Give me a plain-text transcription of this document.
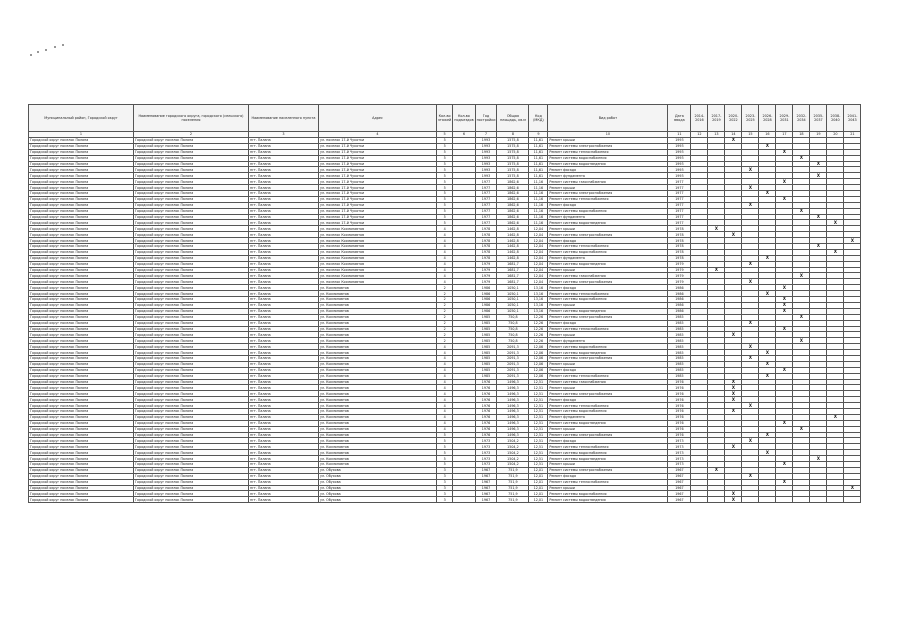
Муниципальный район, Городской округ	Наименование городского округа, городского (сельского) поселения	Наименование населенного пункта	Адрес	Кол-во этажей	Кол-во подъездов	Год постройки	Общая площадь, кв.м	Код (МКД)	Вид работ	Дата ввода	2014-2016	2017-2019	2020-2022	2023-2025	2026-2028	2029-2031	2032-2034	2035-2037	2038-2040	2041-2043
1	2	3	4	5	6	7	8	9	10	11	12	13	14	15	16	17	18	19	20	21
Городской округ поселок Палана	Городской округ поселок Палана	пгт. Палана	ул. поселок 17-й Чукотки	5		1993	1575,8	11,61	Ремонт крыши	1993			X							
Городской округ поселок Палана	Городской округ поселок Палана	пгт. Палана	ул. поселок 17-й Чукотки	5		1993	1575,8	11,61	Ремонт системы электроснабжения	1993					X					
Городской округ поселок Палана	Городской округ поселок Палана	пгт. Палана	ул. поселок 17-й Чукотки	5		1993	1575,8	11,61	Ремонт системы теплоснабжения	1993						X				
Городской округ поселок Палана	Городской округ поселок Палана	пгт. Палана	ул. поселок 17-й Чукотки	5		1993	1575,8	11,61	Ремонт системы водоснабжения	1993							X			
Городской округ поселок Палана	Городской округ поселок Палана	пгт. Палана	ул. поселок 17-й Чукотки	5		1993	1575,8	11,61	Ремонт системы водоотведения	1993								X		
Городской округ поселок Палана	Городской округ поселок Палана	пгт. Палана	ул. поселок 17-й Чукотки	5		1993	1575,8	11,61	Ремонт фасада	1993				X						
Городской округ поселок Палана	Городской округ поселок Палана	пгт. Палана	ул. поселок 17-й Чукотки	5		1993	1575,8	11,61	Ремонт фундамента	1993								X		
Городской округ поселок Палана	Городской округ поселок Палана	пгт. Палана	ул. поселок 17-й Чукотки	5		1977	1862,6	11,16	Ремонт системы газоснабжения	1977						X				
Городской округ поселок Палана	Городской округ поселок Палана	пгт. Палана	ул. поселок 17-й Чукотки	5		1977	1862,6	11,16	Ремонт крыши	1977				X						
Городской округ поселок Палана	Городской округ поселок Палана	пгт. Палана	ул. поселок 17-й Чукотки	5		1977	1862,6	11,16	Ремонт системы электроснабжения	1977					X					
Городской округ поселок Палана	Городской округ поселок Палана	пгт. Палана	ул. поселок 17-й Чукотки	5		1977	1862,6	11,16	Ремонт системы теплоснабжения	1977						X				
Городской округ поселок Палана	Городской округ поселок Палана	пгт. Палана	ул. поселок 17-й Чукотки	5		1977	1862,6	11,16	Ремонт фасада	1977				X						
Городской округ поселок Палана	Городской округ поселок Палана	пгт. Палана	ул. поселок 17-й Чукотки	5		1977	1862,6	11,16	Ремонт системы водоснабжения	1977							X			
Городской округ поселок Палана	Городской округ поселок Палана	пгт. Палана	ул. поселок 17-й Чукотки	5		1977	1862,6	11,16	Ремонт фундамента	1977								X		
Городской округ поселок Палана	Городской округ поселок Палана	пгт. Палана	ул. поселок 17-й Чукотки	5		1977	1862,6	11,16	Ремонт системы водоотведения	1977									X	
Городской округ поселок Палана	Городской округ поселок Палана	пгт. Палана	ул. поселок Космонавтов	4		1978	1462,8	12,04	Ремонт крыши	1978		X								
Городской округ поселок Палана	Городской округ поселок Палана	пгт. Палана	ул. поселок Космонавтов	4		1978	1462,8	12,04	Ремонт системы электроснабжения	1978			X							
Городской округ поселок Палана	Городской округ поселок Палана	пгт. Палана	ул. поселок Космонавтов	4		1978	1462,8	12,04	Ремонт фасада	1978										X
Городской округ поселок Палана	Городской округ поселок Палана	пгт. Палана	ул. поселок Космонавтов	4		1978	1462,8	12,04	Ремонт системы теплоснабжения	1978								X		
Городской округ поселок Палана	Городской округ поселок Палана	пгт. Палана	ул. поселок Космонавтов	4		1978	1462,8	12,04	Ремонт системы водоснабжения	1978									X	
Городской округ поселок Палана	Городской округ поселок Палана	пгт. Палана	ул. поселок Космонавтов	4		1978	1462,8	12,04	Ремонт фундамента	1978					X					
Городской округ поселок Палана	Городской округ поселок Палана	пгт. Палана	ул. поселок Космонавтов	4		1979	1681,7	12,04	Ремонт системы водоотведения	1979				X						
Городской округ поселок Палана	Городской округ поселок Палана	пгт. Палана	ул. поселок Космонавтов	4		1979	1681,7	12,04	Ремонт крыши	1979		X								
Городской округ поселок Палана	Городской округ поселок Палана	пгт. Палана	ул. поселок Космонавтов	4		1979	1681,7	12,04	Ремонт системы газоснабжения	1979							X			
Городской округ поселок Палана	Городской округ поселок Палана	пгт. Палана	ул. поселок Космонавтов	4		1979	1681,7	12,04	Ремонт системы электроснабжения	1979				X						
Городской округ поселок Палана	Городской округ поселок Палана	пгт. Палана	ул. Космонавтов	2		1986	1050,1	13,16	Ремонт фасада	1986						X				
Городской округ поселок Палана	Городской округ поселок Палана	пгт. Палана	ул. Космонавтов	2		1986	1050,1	13,16	Ремонт системы теплоснабжения	1986					X					
Городской округ поселок Палана	Городской округ поселок Палана	пгт. Палана	ул. Космонавтов	2		1986	1050,1	13,16	Ремонт системы водоснабжения	1986						X				
Городской округ поселок Палана	Городской округ поселок Палана	пгт. Палана	ул. Космонавтов	2		1986	1050,1	13,16	Ремонт крыши	1986						X				
Городской округ поселок Палана	Городской округ поселок Палана	пгт. Палана	ул. Космонавтов	2		1986	1050,1	13,16	Ремонт системы водоотведения	1986						X				
Городской округ поселок Палана	Городской округ поселок Палана	пгт. Палана	ул. Космонавтов	2		1985	750,8	12,26	Ремонт системы электроснабжения	1985							X			
Городской округ поселок Палана	Городской округ поселок Палана	пгт. Палана	ул. Космонавтов	2		1985	750,8	12,26	Ремонт фасада	1985				X						
Городской округ поселок Палана	Городской округ поселок Палана	пгт. Палана	ул. Космонавтов	2		1985	750,8	12,26	Ремонт системы теплоснабжения	1985						X				
Городской округ поселок Палана	Городской округ поселок Палана	пгт. Палана	ул. Космонавтов	2		1985	750,8	12,26	Ремонт крыши	1985			X							
Городской округ поселок Палана	Городской округ поселок Палана	пгт. Палана	ул. Космонавтов	2		1985	750,8	12,26	Ремонт фундамента	1985							X			
Городской округ поселок Палана	Городской округ поселок Палана	пгт. Палана	ул. Космонавтов	4		1985	2091,3	12,06	Ремонт системы водоснабжения	1985				X						
Городской округ поселок Палана	Городской округ поселок Палана	пгт. Палана	ул. Космонавтов	4		1985	2091,3	12,06	Ремонт системы водоотведения	1985					X					
Городской округ поселок Палана	Городской округ поселок Палана	пгт. Палана	ул. Космонавтов	4		1985	2091,3	12,06	Ремонт системы электроснабжения	1985				X						
Городской округ поселок Палана	Городской округ поселок Палана	пгт. Палана	ул. Космонавтов	4		1985	2091,3	12,06	Ремонт крыши	1985					X					
Городской округ поселок Палана	Городской округ поселок Палана	пгт. Палана	ул. Космонавтов	4		1985	2091,3	12,06	Ремонт фасада	1985						X				
Городской округ поселок Палана	Городской округ поселок Палана	пгт. Палана	ул. Космонавтов	4		1985	2091,3	12,06	Ремонт системы теплоснабжения	1985					X					
Городской округ поселок Палана	Городской округ поселок Палана	пгт. Палана	ул. Космонавтов	4		1976	1496,3	12,51	Ремонт системы газоснабжения	1976			X							
Городской округ поселок Палана	Городской округ поселок Палана	пгт. Палана	ул. Космонавтов	4		1976	1496,3	12,51	Ремонт крыши	1976			X							
Городской округ поселок Палана	Городской округ поселок Палана	пгт. Палана	ул. Космонавтов	4		1976	1496,3	12,51	Ремонт системы электроснабжения	1976			X							
Городской округ поселок Палана	Городской округ поселок Палана	пгт. Палана	ул. Космонавтов	4		1976	1496,3	12,51	Ремонт фасада	1976			X							
Городской округ поселок Палана	Городской округ поселок Палана	пгт. Палана	ул. Космонавтов	4		1976	1496,3	12,51	Ремонт системы теплоснабжения	1976				X						
Городской округ поселок Палана	Городской округ поселок Палана	пгт. Палана	ул. Космонавтов	4		1976	1496,3	12,51	Ремонт системы водоснабжения	1976			X							
Городской округ поселок Палана	Городской округ поселок Палана	пгт. Палана	ул. Космонавтов	4		1976	1496,3	12,51	Ремонт фундамента	1976									X	
Городской округ поселок Палана	Городской округ поселок Палана	пгт. Палана	ул. Космонавтов	4		1976	1496,3	12,51	Ремонт системы водоотведения	1976						X				
Городской округ поселок Палана	Городской округ поселок Палана	пгт. Палана	ул. Космонавтов	4		1976	1496,3	12,51	Ремонт крыши	1976							X			
Городской округ поселок Палана	Городской округ поселок Палана	пгт. Палана	ул. Космонавтов	5		1976	1496,3	12,51	Ремонт системы электроснабжения	1976					X					
Городской округ поселок Палана	Городской округ поселок Палана	пгт. Палана	ул. Космонавтов	5		1973	1504,2	12,51	Ремонт фасада	1973				X						
Городской округ поселок Палана	Городской округ поселок Палана	пгт. Палана	ул. Космонавтов	5		1973	1504,2	12,51	Ремонт системы теплоснабжения	1973			X							
Городской округ поселок Палана	Городской округ поселок Палана	пгт. Палана	ул. Космонавтов	5		1973	1504,2	12,51	Ремонт системы водоснабжения	1973					X					
Городской округ поселок Палана	Городской округ поселок Палана	пгт. Палана	ул. Космонавтов	5		1973	1504,2	12,51	Ремонт системы водоотведения	1973								X		
Городской округ поселок Палана	Городской округ поселок Палана	пгт. Палана	ул. Космонавтов	5		1973	1504,2	12,51	Ремонт крыши	1973						X				
Городской округ поселок Палана	Городской округ поселок Палана	пгт. Палана	ул. Обухова	3		1967	751,9	12,01	Ремонт системы электроснабжения	1967		X								
Городской округ поселок Палана	Городской округ поселок Палана	пгт. Палана	ул. Обухова	3		1967	751,9	12,01	Ремонт фасада	1967				X						
Городской округ поселок Палана	Городской округ поселок Палана	пгт. Палана	ул. Обухова	3		1967	751,9	12,01	Ремонт системы теплоснабжения	1967						X				
Городской округ поселок Палана	Городской округ поселок Палана	пгт. Палана	ул. Обухова	3		1967	751,9	12,01	Ремонт крыши	1967										X
Городской округ поселок Палана	Городской округ поселок Палана	пгт. Палана	ул. Обухова	3		1967	751,9	12,01	Ремонт системы водоснабжения	1967			X							
Городской округ поселок Палана	Городской округ поселок Палана	пгт. Палана	ул. Обухова	3		1967	751,9	12,01	Ремонт системы водоотведения	1967			X							
